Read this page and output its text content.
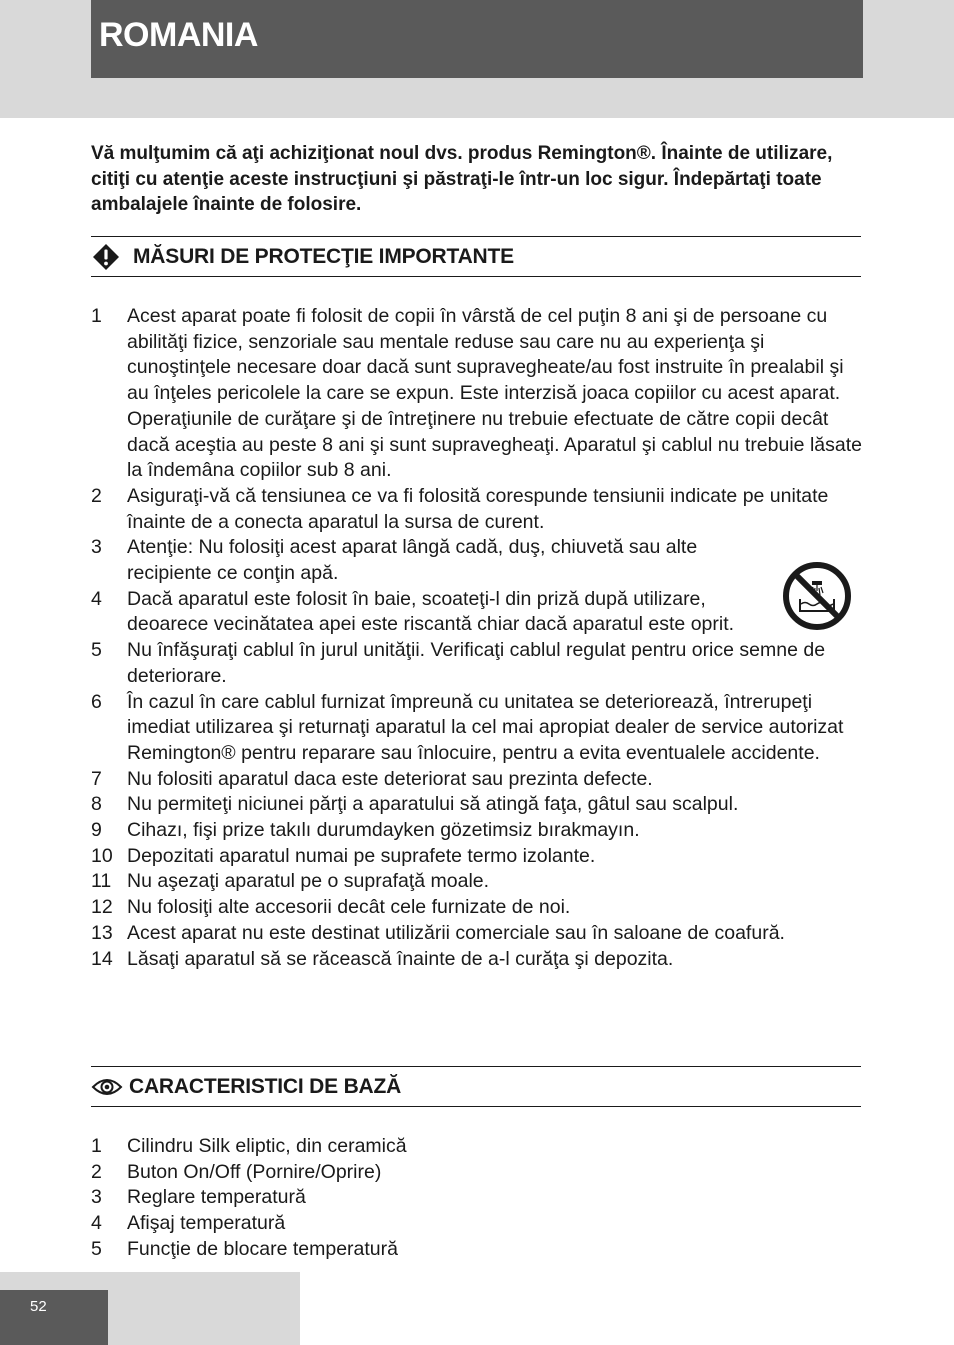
ROMANIA
Vă mulţumim că aţi achiziţionat noul dvs. produs Remington®. Înainte de utilizare, citiţi cu atenţie aceste instrucţiuni şi păstraţi-le într-un loc sigur. Îndepărtaţi toate ambalajele înainte de folosire.
MĂSURI DE PROTECŢIE IMPORTANTE
1 Acest aparat poate fi folosit de copii în vârstă de cel puţin 8 ani şi de persoane cu abilităţi fizice, senzoriale sau mentale reduse sau care nu au experienţa şi cunoştinţele necesare doar dacă sunt supravegheate/au fost instruite în prealabil şi au înţeles pericolele la care se expun. Este interzisă joaca copiilor cu acest aparat. Operaţiunile de curăţare şi de întreţinere nu trebuie efectuate de către copii decât dacă aceştia au peste 8 ani şi sunt supravegheaţi. Aparatul şi cablul nu trebuie lăsate la îndemâna copiilor sub 8 ani.
2 Asiguraţi-vă că tensiunea ce va fi folosită corespunde tensiunii indicate pe unitate înainte de a conecta aparatul la sursa de curent.
3 Atenţie: Nu folosiţi acest aparat lângă cadă, duş, chiuvetă sau alte recipiente ce conţin apă.
4 Dacă aparatul este folosit în baie, scoateţi-l din priză după utilizare, deoarece vecinătatea apei este riscantă chiar dacă aparatul este oprit.
5 Nu înfăşuraţi cablul în jurul unităţii. Verificaţi cablul regulat pentru orice semne de deteriorare.
6 În cazul în care cablul furnizat împreună cu unitatea se deteriorează, întrerupeţi imediat utilizarea şi returnaţi aparatul la cel mai apropiat dealer de service autorizat Remington® pentru reparare sau înlocuire, pentru a evita eventualele accidente.
7 Nu folositi aparatul daca este deteriorat sau prezinta defecte.
8 Nu permiteţi niciunei părţi a aparatului să atingă faţa, gâtul sau scalpul.
9 Cihazı, fişi prize takılı durumdayken gözetimsiz bırakmayın.
10 Depozitati aparatul numai pe suprafete termo izolante.
11 Nu aşezaţi aparatul pe o suprafaţă moale.
12 Nu folosiţi alte accesorii decât cele furnizate de noi.
13 Acest aparat nu este destinat utilizării comerciale sau în saloane de coafură.
14 Lăsaţi aparatul să se răcească înainte de a-l curăţa şi depozita.
CARACTERISTICI DE BAZĂ
1 Cilindru Silk eliptic, din ceramică
2 Buton On/Off (Pornire/Oprire)
3 Reglare temperatură
4 Afişaj temperatură
5 Funcţie de blocare temperatură
52
